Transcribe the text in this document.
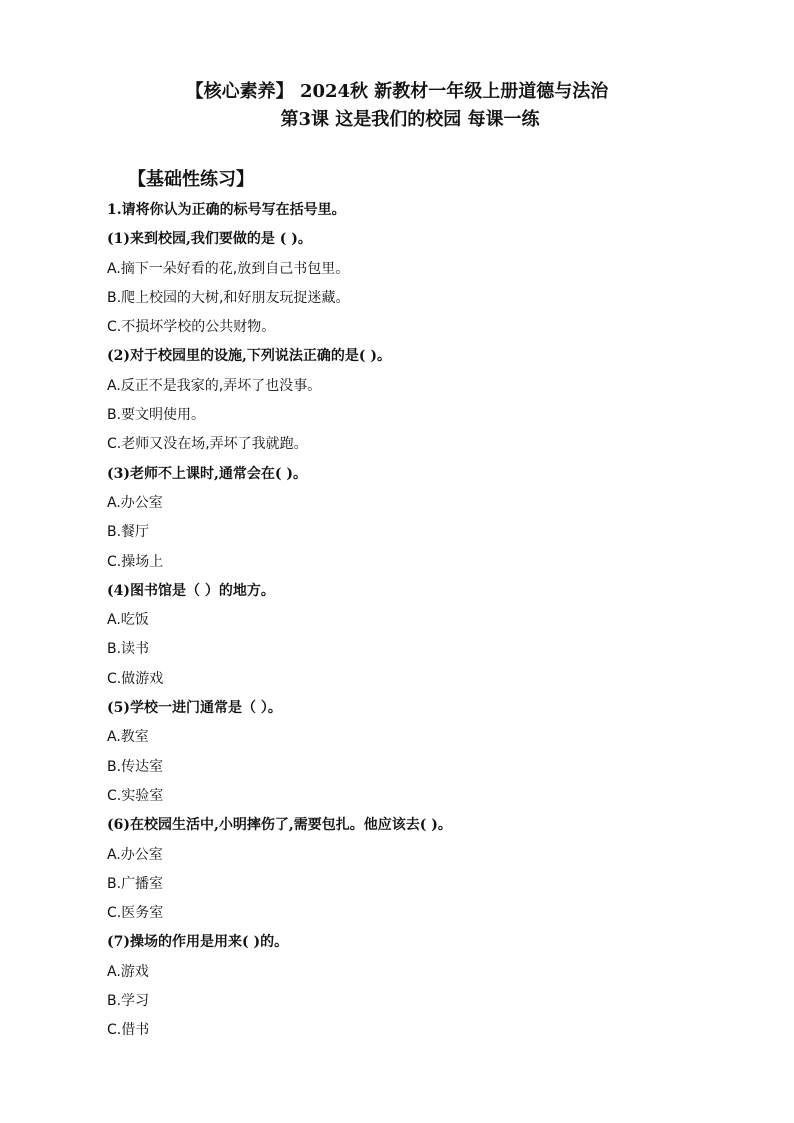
【核心素养】 2024秋 新教材一年级上册道德与法治
第3课 这是我们的校园 每课一练
【基础性练习】
1.请将你认为正确的标号写在括号里。
(1)来到校园,我们要做的是 ( )。
A.摘下一朵好看的花,放到自己书包里。
B.爬上校园的大树,和好朋友玩捉迷藏。
C.不损坏学校的公共财物。
(2)对于校园里的设施,下列说法正确的是( )。
A.反正不是我家的,弄坏了也没事。
B.要文明使用。
C.老师又没在场,弄坏了我就跑。
(3)老师不上课时,通常会在( )。
A.办公室
B.餐厅
C.操场上
(4)图书馆是（ ）的地方。
A.吃饭
B.读书
C.做游戏
(5)学校一进门通常是（ ）。
A.教室
B.传达室
C.实验室
(6)在校园生活中,小明摔伤了,需要包扎。他应该去( )。
A.办公室
B.广播室
C.医务室
(7)操场的作用是用来( )的。
A.游戏
B.学习
C.借书
